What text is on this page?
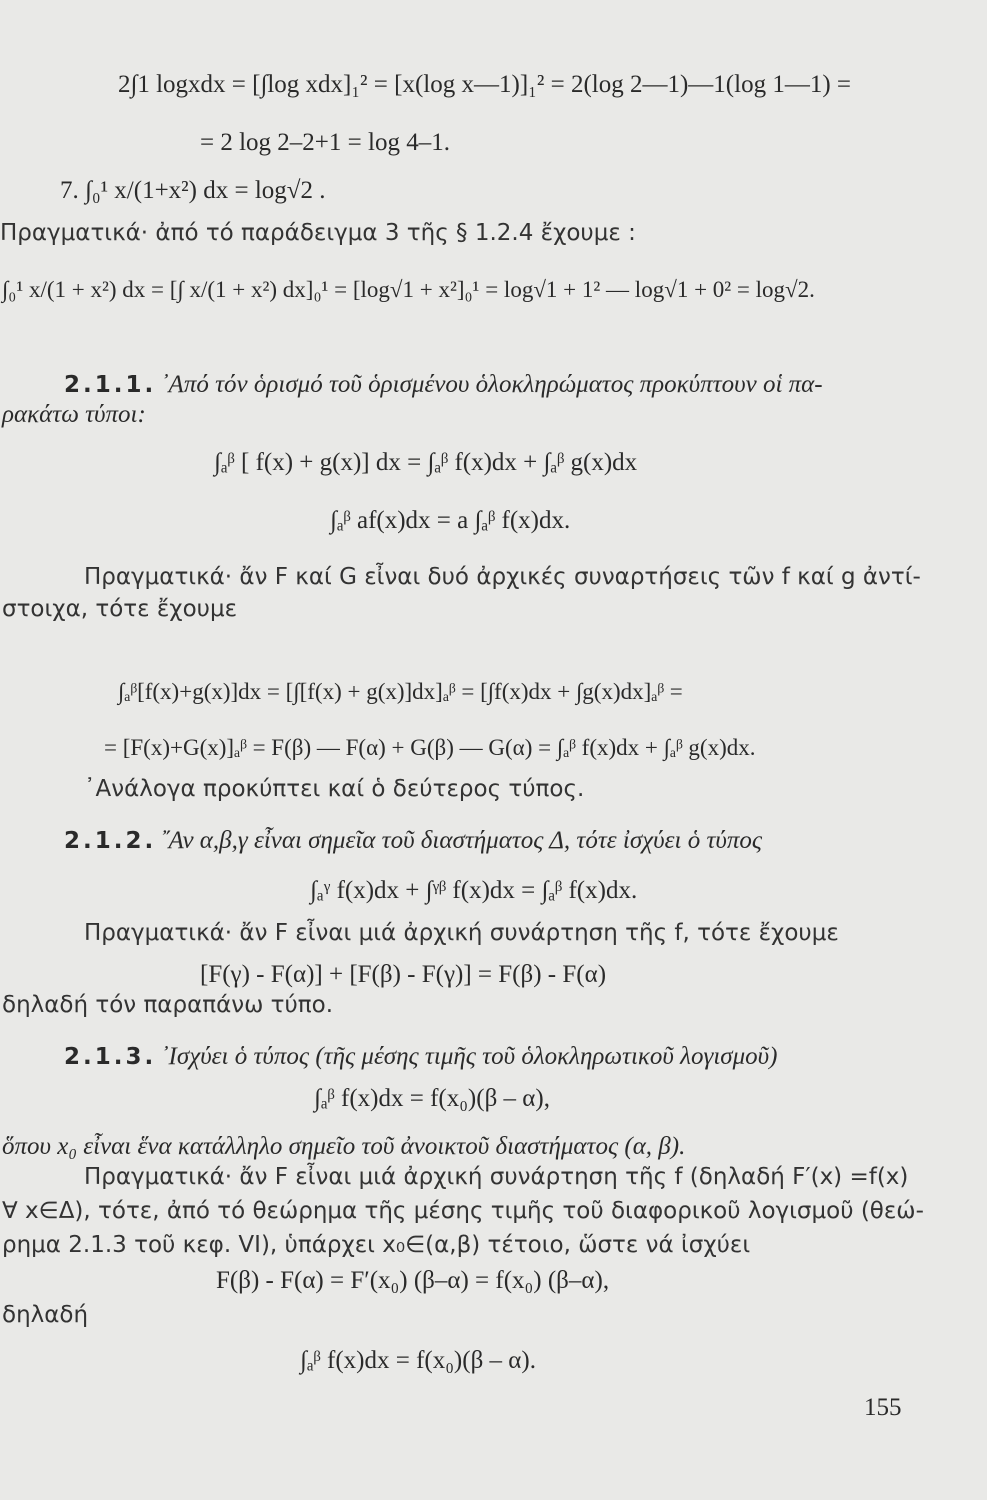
2∫1 logxdx = [∫log xdx]₁² = [x(log x—1)]₁² = 2(log 2—1)—1(log 1—1) =
= 2 log 2–2+1 = log 4–1.
7. ∫₀¹ x/(1+x²) dx = log√2 .
Πραγματικά· ἀπό τό παράδειγμα 3 τῆς § 1.2.4 ἔχουμε :
∫₀¹ x/(1 + x²) dx = [∫ x/(1 + x²) dx]₀¹ = [log√1 + x²]₀¹ = log√1 + 1² — log√1 + 0² = log√2.
2.1.1. ᾽Από τόν ὁρισμό τοῦ ὁρισμένου ὁλοκληρώματος προκύπτουν οἱ πα-
ρακάτω τύποι:
∫ₐᵝ [ f(x) + g(x)] dx = ∫ₐᵝ f(x)dx + ∫ₐᵝ g(x)dx
∫ₐᵝ af(x)dx = a ∫ₐᵝ f(x)dx.
Πραγματικά· ἄν F καί G εἶναι δυό ἀρχικές συναρτήσεις τῶν f καί g ἀντί-
στοιχα, τότε ἔχουμε
∫ₐᵝ[f(x)+g(x)]dx = [∫[f(x) + g(x)]dx]ₐᵝ = [∫f(x)dx + ∫g(x)dx]ₐᵝ =
= [F(x)+G(x)]ₐᵝ = F(β) — F(α) + G(β) — G(α) = ∫ₐᵝ f(x)dx + ∫ₐᵝ g(x)dx.
᾽Ανάλογα προκύπτει καί ὁ δεύτερος τύπος.
2.1.2. ῎Αν α,β,γ εἶναι σημεῖα τοῦ διαστήματος Δ, τότε ἰσχύει ὁ τύπος
∫ₐᵞ f(x)dx + ∫ᵞᵝ f(x)dx = ∫ₐᵝ f(x)dx.
Πραγματικά· ἄν F εἶναι μιά ἀρχική συνάρτηση τῆς f, τότε ἔχουμε
[F(γ) - F(α)] + [F(β) - F(γ)] = F(β) - F(α)
δηλαδή τόν παραπάνω τύπο.
2.1.3. ᾽Ισχύει ὁ τύπος (τῆς μέσης τιμῆς τοῦ ὁλοκληρωτικοῦ λογισμοῦ)
∫ₐᵝ f(x)dx = f(x₀)(β – α),
ὅπου x₀ εἶναι ἕνα κατάλληλο σημεῖο τοῦ ἀνοικτοῦ διαστήματος (α, β).
Πραγματικά· ἄν F εἶναι μιά ἀρχική συνάρτηση τῆς f (δηλαδή F′(x) =f(x)
∀ x∈Δ), τότε, ἀπό τό θεώρημα τῆς μέσης τιμῆς τοῦ διαφορικοῦ λογισμοῦ (θεώ-
ρημα 2.1.3 τοῦ κεφ. VI), ὑπάρχει x₀∈(α,β) τέτοιο, ὥστε νά ἰσχύει
F(β) - F(α) = F′(x₀) (β–α) = f(x₀) (β–α),
δηλαδή
∫ₐᵝ f(x)dx = f(x₀)(β – α).
155
